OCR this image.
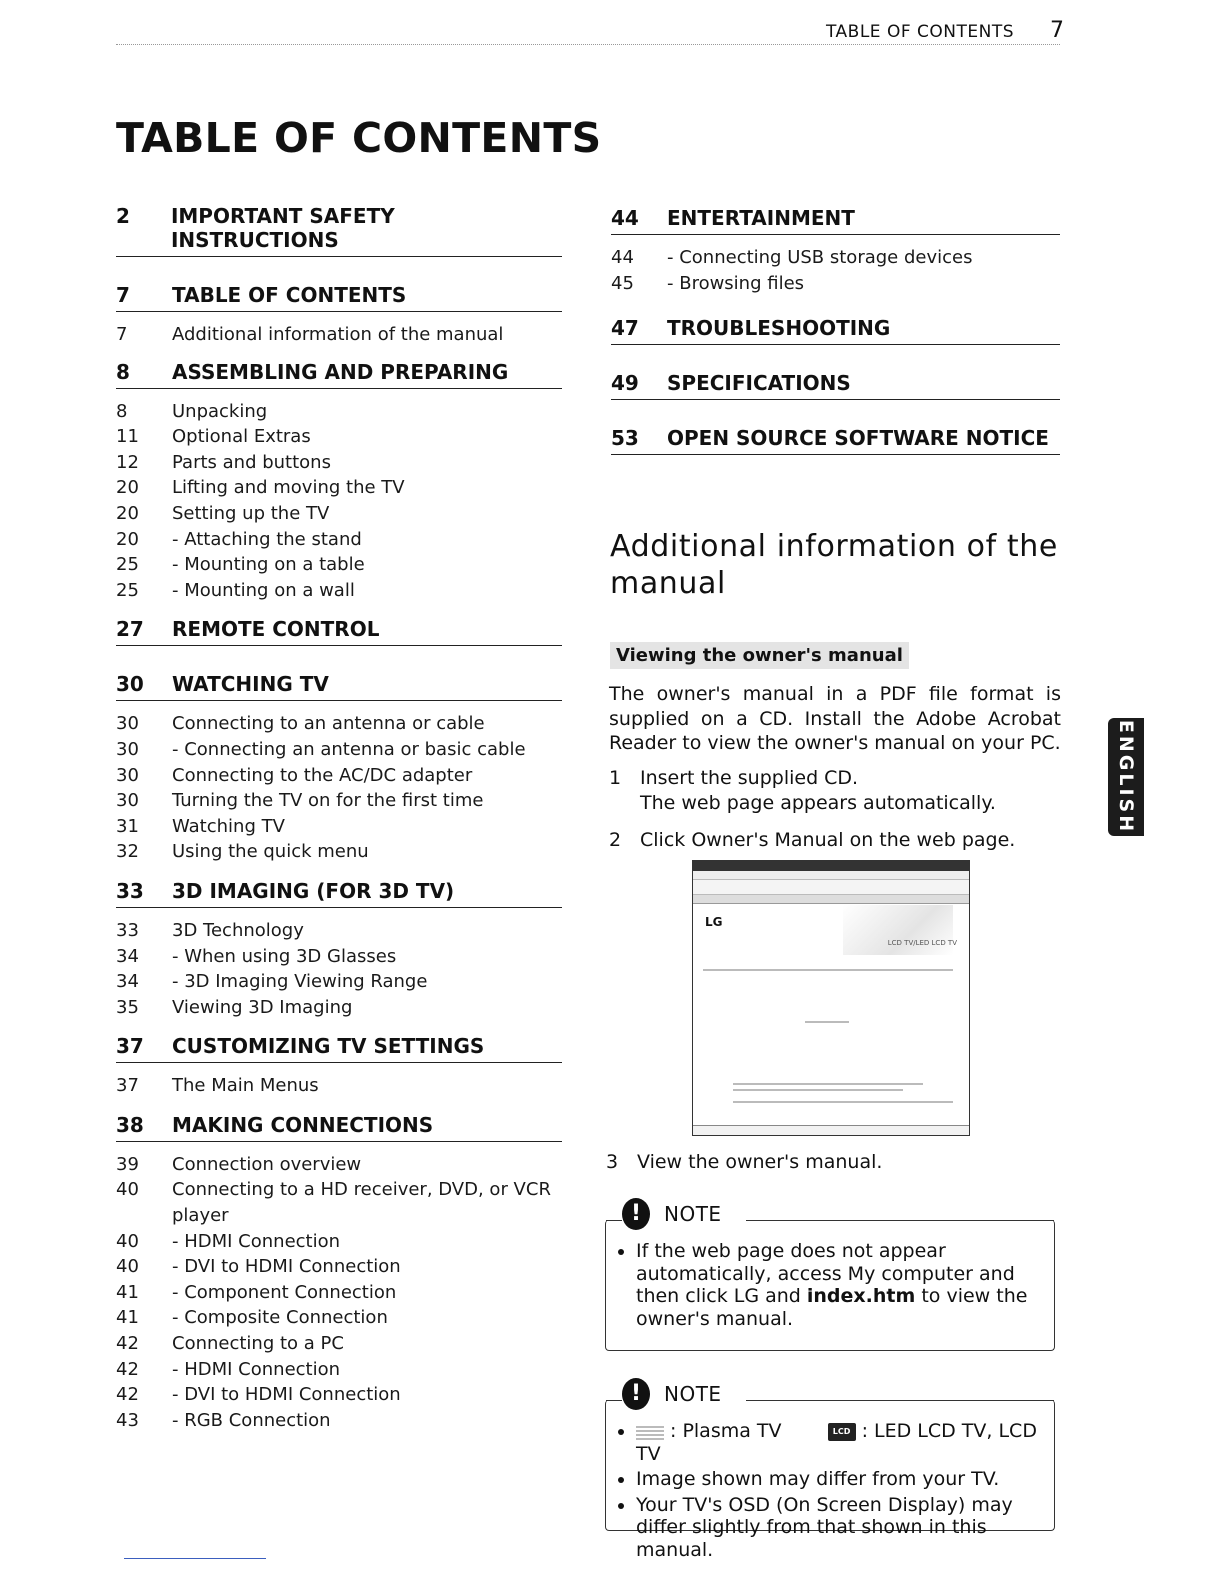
TABLE OF CONTENTS 7
TABLE OF CONTENTS
2	IMPORTANT SAFETY INSTRUCTIONS
7	TABLE OF CONTENTS
7	Additional information of the manual
8	ASSEMBLING AND PREPARING
8	Unpacking
11	Optional Extras
12	Parts and buttons
20	Lifting and moving the TV
20	Setting up the TV
20	- Attaching the stand
25	- Mounting on a table
25	- Mounting on a wall
27	REMOTE CONTROL
30	WATCHING TV
30	Connecting to an antenna or cable
30	- Connecting an antenna or basic cable
30	Connecting to the AC/DC adapter
30	Turning the TV on for the first time
31	Watching TV
32	Using the quick menu
33	3D IMAGING (FOR 3D TV)
33	3D Technology
34	- When using 3D Glasses
34	- 3D Imaging Viewing Range
35	Viewing 3D Imaging
37	CUSTOMIZING TV SETTINGS
37	The Main Menus
38	MAKING CONNECTIONS
39	Connection overview
40	Connecting to a HD receiver, DVD, or VCR player
40	- HDMI Connection
40	- DVI to HDMI Connection
41	- Component Connection
41	- Composite Connection
42	Connecting to a PC
42	- HDMI Connection
42	- DVI to HDMI Connection
43	- RGB Connection
44	ENTERTAINMENT
44	- Connecting USB storage devices
45	- Browsing files
47	TROUBLESHOOTING
49	SPECIFICATIONS
53	OPEN SOURCE SOFTWARE NOTICE
Additional information of the manual
Viewing the owner's manual
The owner's manual in a PDF file format is supplied on a CD. Install the Adobe Acrobat Reader to view the owner's manual on your PC.
1 Insert the supplied CD.
The web page appears automatically.
2 Click Owner's Manual on the web page.
LG
LCD TV/LED LCD TV
3 View the owner's manual.
!	NOTE
• If the web page does not appear automatically, access My computer and then click LG and index.htm to view the owner's manual.
!	NOTE
• : Plasma TV	LCD : LED LCD TV, LCD TV
• Image shown may differ from your TV.
• Your TV's OSD (On Screen Display) may differ slightly from that shown in this manual.
ENGLISH
